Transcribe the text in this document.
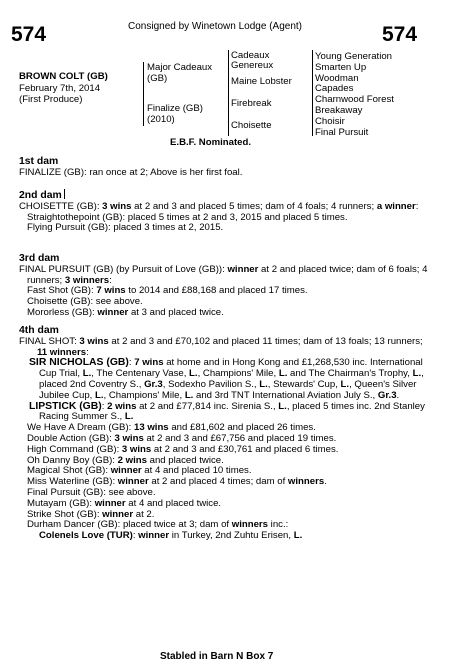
574	574
Consigned by Winetown Lodge (Agent)
BROWN COLT (GB)
February 7th, 2014
(First Produce)
Major Cadeaux (GB)
Finalize (GB) (2010)
Cadeaux Genereux
Maine Lobster
Firebreak
Choisette
Young Generation
Smarten Up
Woodman
Capades
Charnwood Forest
Breakaway
Choisir
Final Pursuit
E.B.F. Nominated.
1st dam
FINALIZE (GB): ran once at 2; Above is her first foal.
2nd dam
CHOISETTE (GB): 3 wins at 2 and 3 and placed 5 times; dam of 4 foals; 4 runners; a winner:
Straightothepoint (GB): placed 5 times at 2 and 3, 2015 and placed 5 times.
Flying Pursuit (GB): placed 3 times at 2, 2015.
3rd dam
FINAL PURSUIT (GB) (by Pursuit of Love (GB)): winner at 2 and placed twice; dam of 6 foals; 4 runners; 3 winners:
Fast Shot (GB): 7 wins to 2014 and £88,168 and placed 17 times.
Choisette (GB): see above.
Mororless (GB): winner at 3 and placed twice.
4th dam
FINAL SHOT: 3 wins at 2 and 3 and £70,102 and placed 11 times; dam of 13 foals; 13 runners; 11 winners:
SIR NICHOLAS (GB): 7 wins at home and in Hong Kong and £1,268,530 inc. International Cup Trial, L., The Centenary Vase, L., Champions' Mile, L. and The Chairman's Trophy, L., placed 2nd Coventry S., Gr.3, Sodexho Pavilion S., L., Stewards' Cup, L., Queen's Silver Jubilee Cup, L., Champions' Mile, L. and 3rd TNT International Aviation July S., Gr.3.
LIPSTICK (GB): 2 wins at 2 and £77,814 inc. Sirenia S., L., placed 5 times inc. 2nd Stanley Racing Summer S., L.
We Have A Dream (GB): 13 wins and £81,602 and placed 26 times.
Double Action (GB): 3 wins at 2 and 3 and £67,756 and placed 19 times.
High Command (GB): 3 wins at 2 and 3 and £30,761 and placed 6 times.
Oh Danny Boy (GB): 2 wins and placed twice.
Magical Shot (GB): winner at 4 and placed 10 times.
Miss Waterline (GB): winner at 2 and placed 4 times; dam of winners.
Final Pursuit (GB): see above.
Mutayam (GB): winner at 4 and placed twice.
Strike Shot (GB): winner at 2.
Durham Dancer (GB): placed twice at 3; dam of winners inc.:
Colenels Love (TUR): winner in Turkey, 2nd Zuhtu Erisen, L.
Stabled in Barn N Box 7
